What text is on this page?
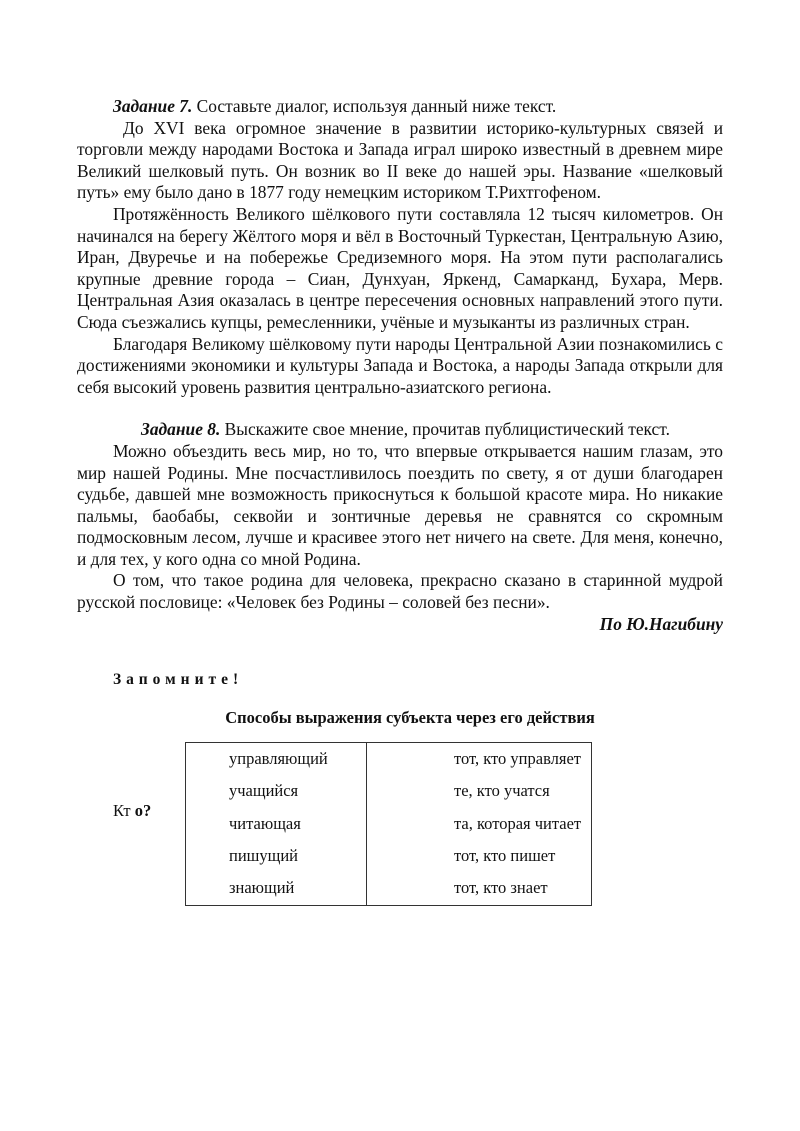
Задание 7. Составьте диалог, используя данный ниже текст.

До XVI века огромное значение в развитии историко-культурных связей и торговли между народами Востока и Запада играл широко известный в древнем мире Великий шелковый путь. Он возник во II веке до нашей эры. Название «шелковый путь» ему было дано в 1877 году немецким историком Т.Рихтгофеном.

Протяжённость Великого шёлкового пути составляла 12 тысяч километров. Он начинался на берегу Жёлтого моря и вёл в Восточный Туркестан, Центральную Азию, Иран, Двуречье и на побережье Средиземного моря. На этом пути располагались крупные древние города – Сиан, Дунхуан, Яркенд, Самарканд, Бухара, Мерв. Центральная Азия оказалась в центре пересечения основных направлений этого пути. Сюда съезжались купцы, ремесленники, учёные и музыканты из различных стран.

Благодаря Великому шёлковому пути народы Центральной Азии познакомились с достижениями экономики и культуры Запада и Востока, а народы Запада открыли для себя высокий уровень развития центрально-азиатского региона.

Задание 8. Выскажите свое мнение, прочитав публицистический текст.

Можно объездить весь мир, но то, что впервые открывается нашим глазам, это мир нашей Родины. Мне посчастливилось поездить по свету, я от души благодарен судьбе, давшей мне возможность прикоснуться к большой красоте мира. Но никакие пальмы, баобабы, секвойи и зонтичные деревья не сравнятся со скромным подмосковным лесом, лучше и красивее этого нет ничего на свете. Для меня, конечно, и для тех, у кого одна со мной Родина.

О том, что такое родина для человека, прекрасно сказано в старинной мудрой русской пословице: «Человек без Родины – соловей без песни».

По Ю.Нагибину

Запомните!
Способы выражения субъекта через его действия
Кт о?
управляющий	тот, кто управляет
учащийся	те, кто учатся
читающая	та, которая читает
пишущий	тот, кто пишет
знающий	тот, кто знает
